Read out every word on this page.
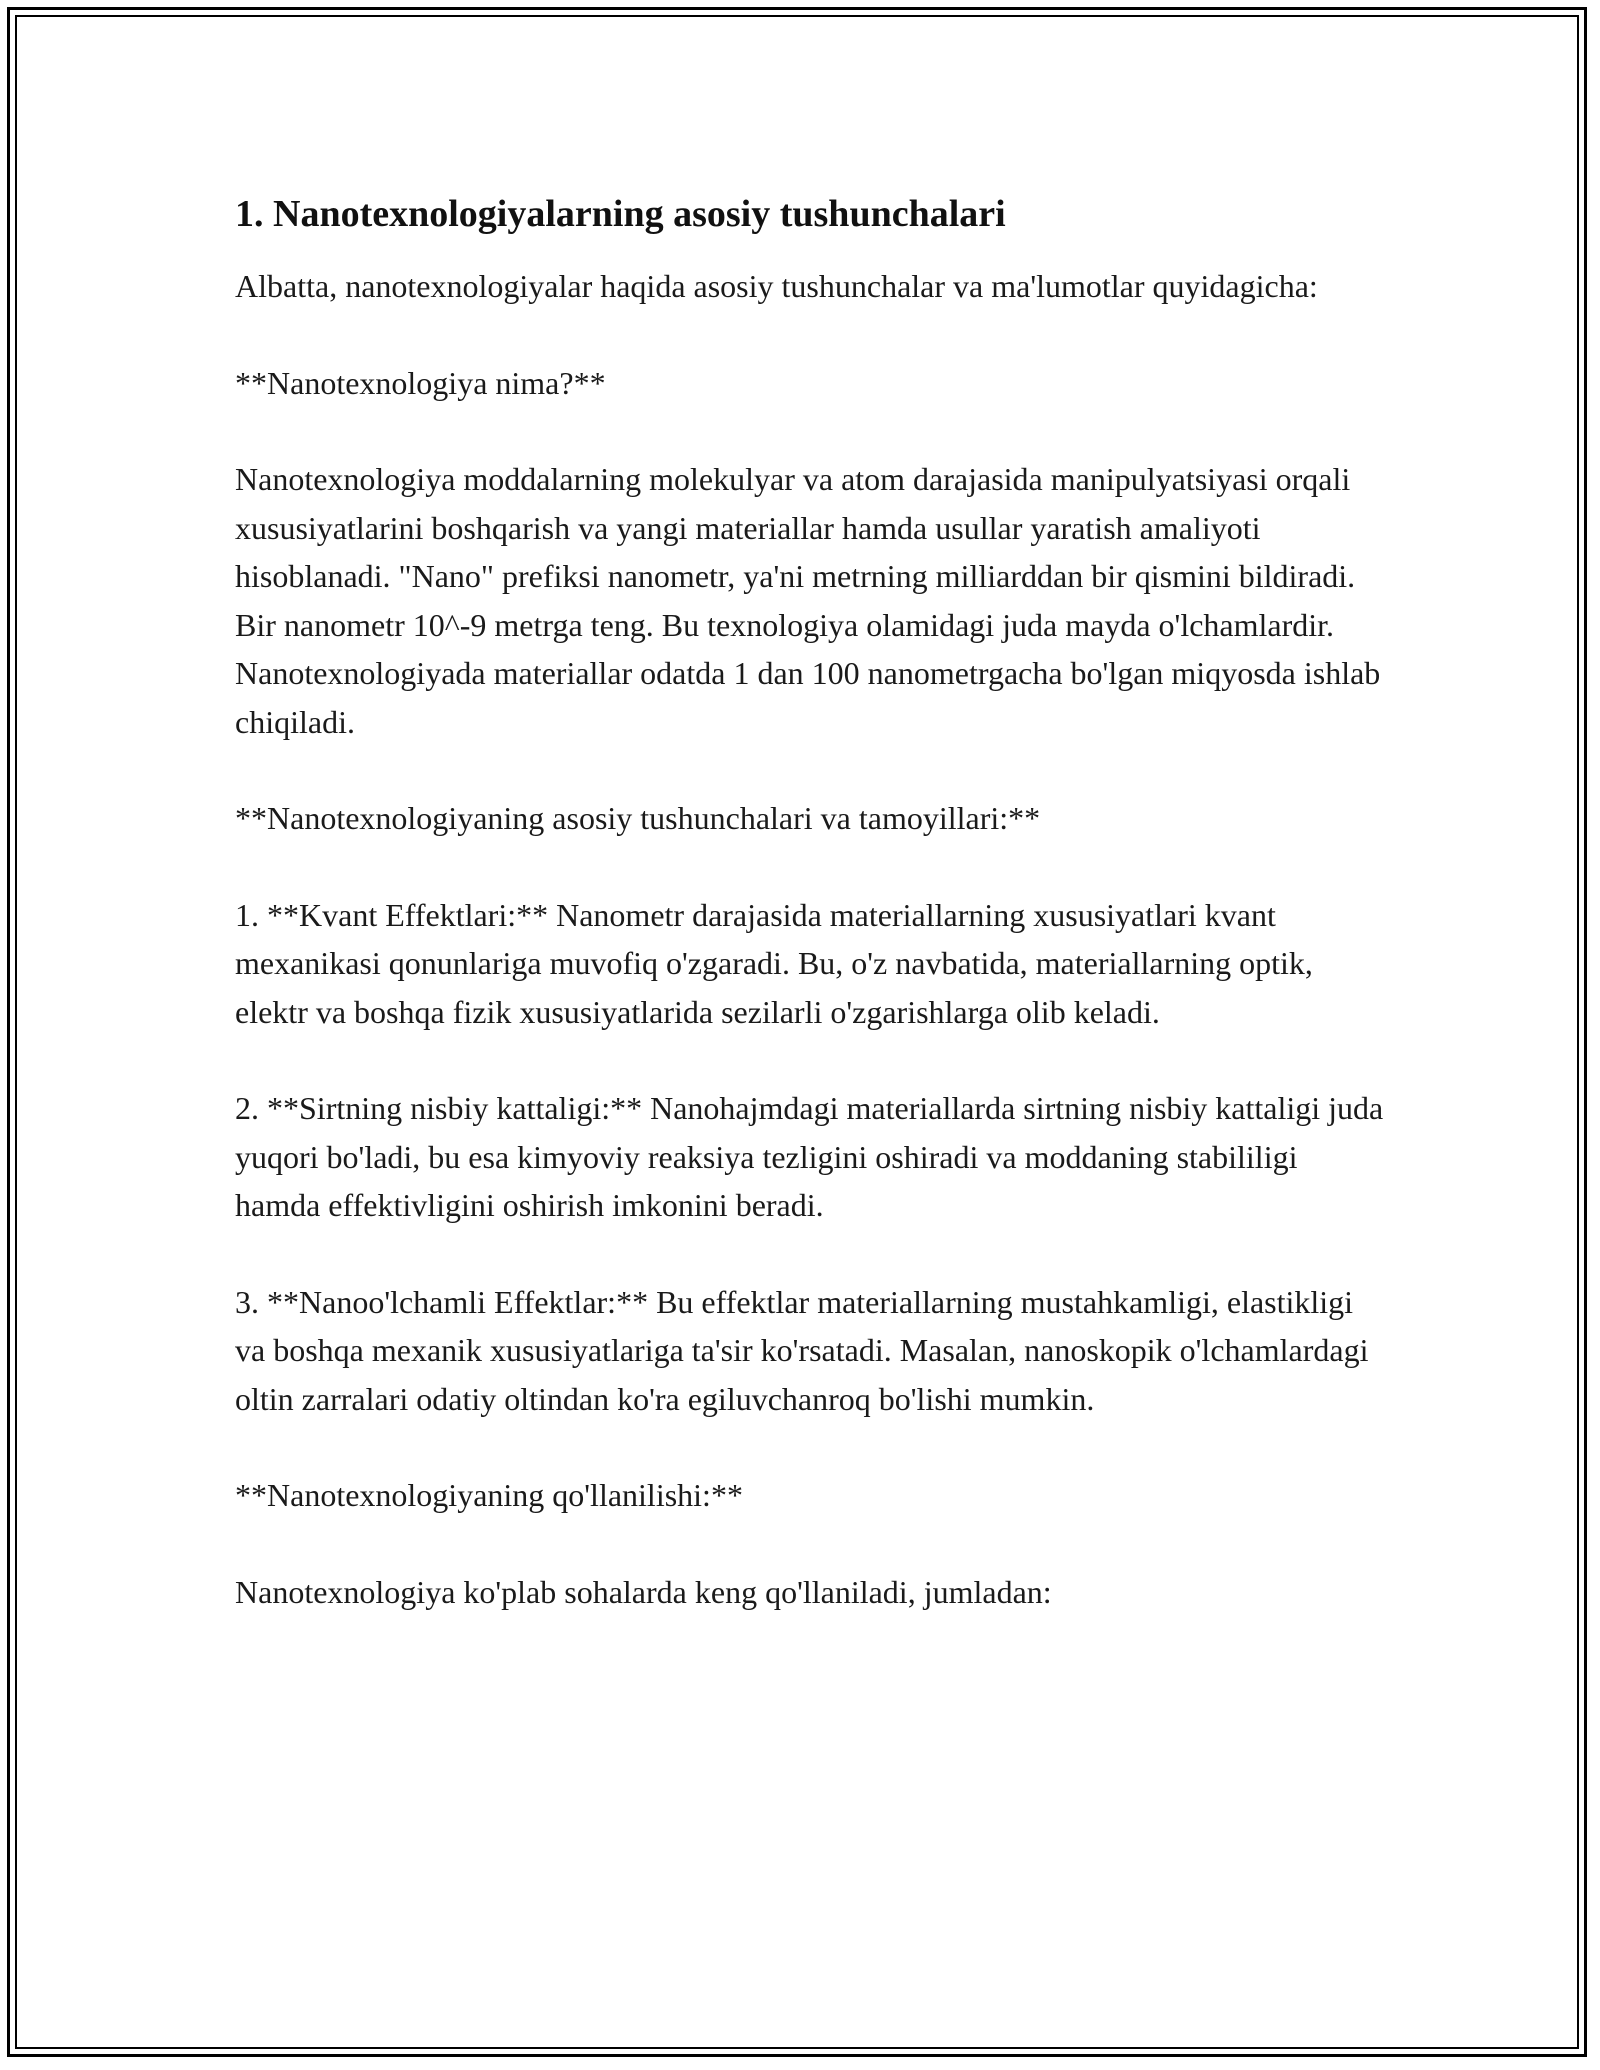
1. Nanotexnologiyalarning asosiy tushunchalari

Albatta, nanotexnologiyalar haqida asosiy tushunchalar va ma'lumotlar quyidagicha:

**Nanotexnologiya nima?**

Nanotexnologiya moddalarning molekulyar va atom darajasida manipulyatsiyasi orqali xususiyatlarini boshqarish va yangi materiallar hamda usullar yaratish amaliyoti hisoblanadi. "Nano" prefiksi nanometr, ya'ni metrning milliarddan bir qismini bildiradi. Bir nanometr 10^-9 metrga teng. Bu texnologiya olamidagi juda mayda o'lchamlardir. Nanotexnologiyada materiallar odatda 1 dan 100 nanometrgacha bo'lgan miqyosda ishlab chiqiladi.

**Nanotexnologiyaning asosiy tushunchalari va tamoyillari:**

1. **Kvant Effektlari:** Nanometr darajasida materiallarning xususiyatlari kvant mexanikasi qonunlariga muvofiq o'zgaradi. Bu, o'z navbatida, materiallarning optik, elektr va boshqa fizik xususiyatlarida sezilarli o'zgarishlarga olib keladi.

2. **Sirtning nisbiy kattaligi:** Nanohajmdagi materiallarda sirtning nisbiy kattaligi juda yuqori bo'ladi, bu esa kimyoviy reaksiya tezligini oshiradi va moddaning stabililigi hamda effektivligini oshirish imkonini beradi.

3. **Nanoo'lchamli Effektlar:** Bu effektlar materiallarning mustahkamligi, elastikligi va boshqa mexanik xususiyatlariga ta'sir ko'rsatadi. Masalan, nanoskopik o'lchamlardagi oltin zarralari odatiy oltindan ko'ra egiluvchanroq bo'lishi mumkin.

**Nanotexnologiyaning qo'llanilishi:**

Nanotexnologiya ko'plab sohalarda keng qo'llaniladi, jumladan:
